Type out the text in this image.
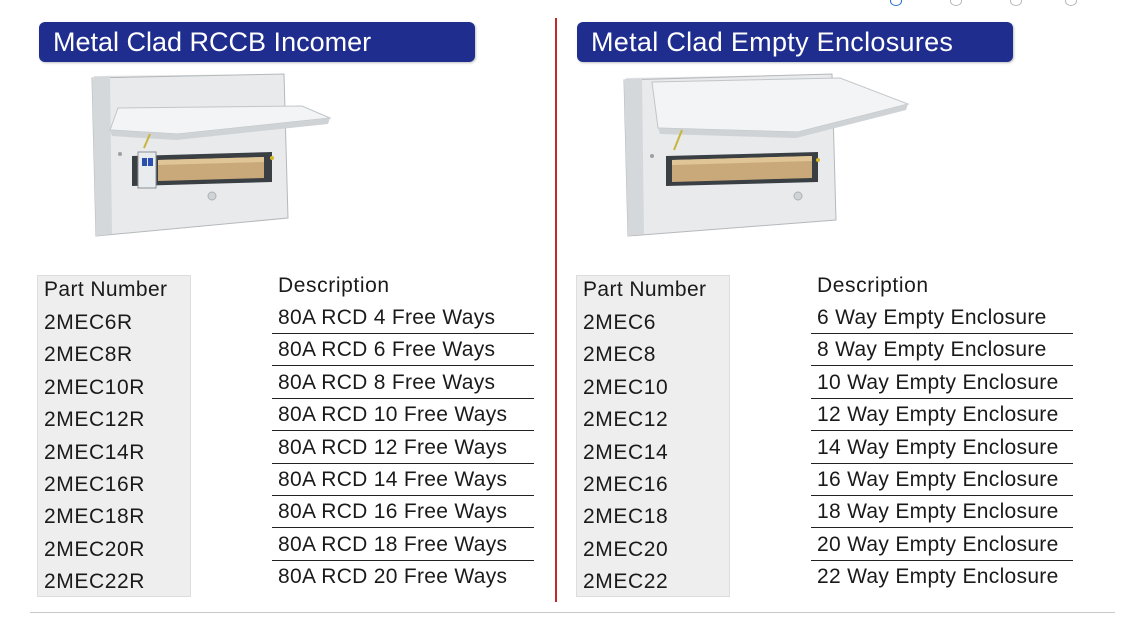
Metal Clad RCCB Incomer
Part Number	Description
2MEC6R	80A RCD 4 Free Ways
2MEC8R	80A RCD 6 Free Ways
2MEC10R	80A RCD 8 Free Ways
2MEC12R	80A RCD 10 Free Ways
2MEC14R	80A RCD 12 Free Ways
2MEC16R	80A RCD 14 Free Ways
2MEC18R	80A RCD 16 Free Ways
2MEC20R	80A RCD 18 Free Ways
2MEC22R	80A RCD 20 Free Ways
Metal Clad Empty Enclosures
Part Number	Description
2MEC6	6 Way Empty Enclosure
2MEC8	8 Way Empty Enclosure
2MEC10	10 Way Empty Enclosure
2MEC12	12 Way Empty Enclosure
2MEC14	14 Way Empty Enclosure
2MEC16	16 Way Empty Enclosure
2MEC18	18 Way Empty Enclosure
2MEC20	20 Way Empty Enclosure
2MEC22	22 Way Empty Enclosure
